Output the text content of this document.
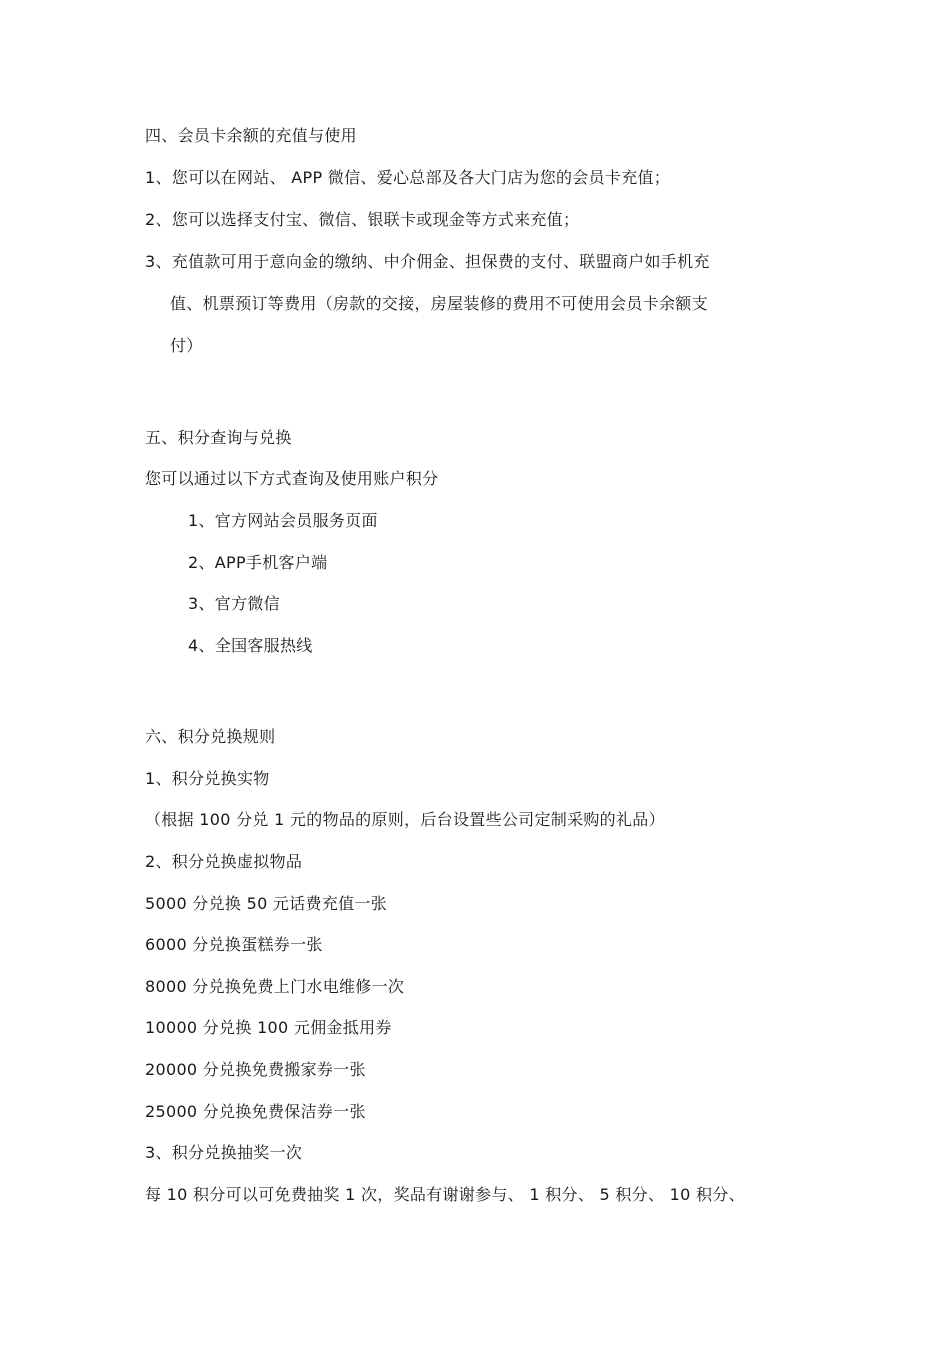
四、会员卡余额的充值与使用
1、您可以在网站、 APP 微信、爱心总部及各大门店为您的会员卡充值；
2、您可以选择支付宝、微信、银联卡或现金等方式来充值；
3、充值款可用于意向金的缴纳、中介佣金、担保费的支付、联盟商户如手机充
值、机票预订等费用（房款的交接，房屋装修的费用不可使用会员卡余额支
付）
五、积分查询与兑换
您可以通过以下方式查询及使用账户积分
1、官方网站会员服务页面
2、APP手机客户端
3、官方微信
4、全国客服热线
六、积分兑换规则
1、积分兑换实物
（根据 100 分兑 1 元的物品的原则，后台设置些公司定制采购的礼品）
2、积分兑换虚拟物品
5000 分兑换 50 元话费充值一张
6000 分兑换蛋糕券一张
8000 分兑换免费上门水电维修一次
10000 分兑换 100 元佣金抵用券
20000 分兑换免费搬家券一张
25000 分兑换免费保洁券一张
3、积分兑换抽奖一次
每 10 积分可以可免费抽奖 1 次，奖品有谢谢参与、 1 积分、 5 积分、 10 积分、
